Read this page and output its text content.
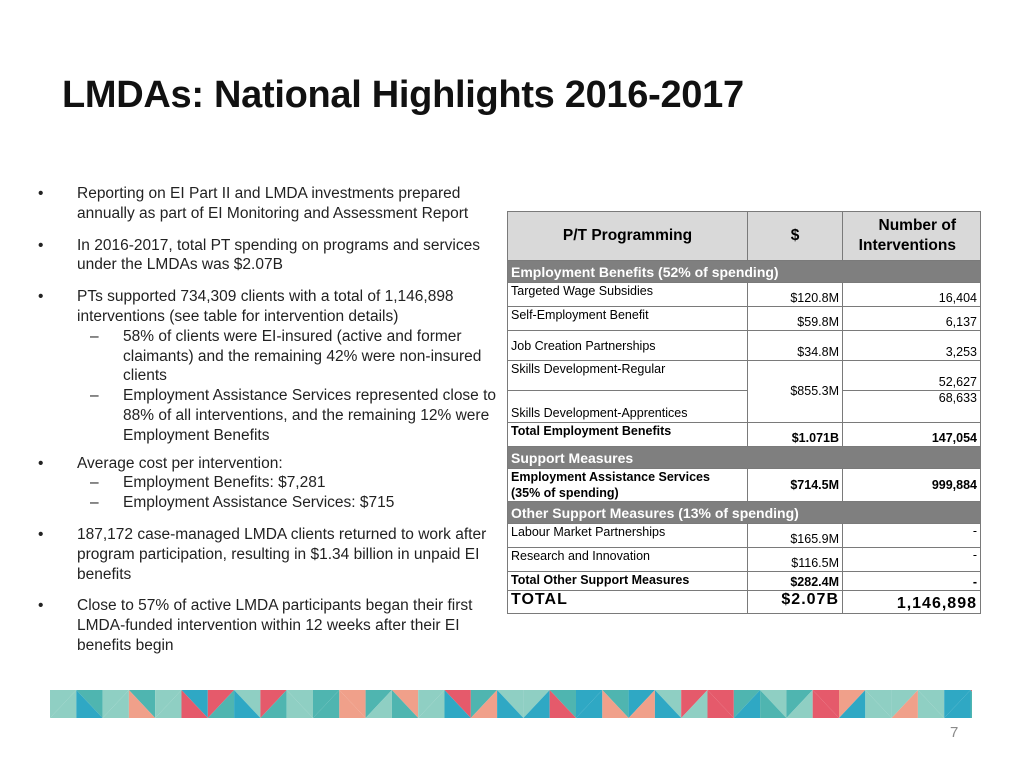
LMDAs: National Highlights 2016-2017
• Reporting on EI Part II and LMDA investments prepared annually as part of EI Monitoring and Assessment Report
• In 2016-2017, total PT spending on programs and services under the LMDAs was $2.07B
• PTs supported 734,309 clients with a total of 1,146,898 interventions (see table for intervention details)
– 58% of clients were EI-insured (active and former claimants) and the remaining 42% were non-insured clients
– Employment Assistance Services represented close to 88% of all interventions, and the remaining 12% were Employment Benefits
• Average cost per intervention:
– Employment Benefits: $7,281
– Employment Assistance Services: $715
• 187,172 case-managed LMDA clients returned to work after program participation, resulting in $1.34 billion in unpaid EI benefits
• Close to 57% of active LMDA participants began their first LMDA-funded intervention within 12 weeks after their EI benefits begin
P/T Programming	$	Number of Interventions
Employment Benefits (52% of spending)		
Targeted Wage Subsidies	$120.8M	16,404
Self-Employment Benefit	$59.8M	6,137
Job Creation Partnerships	$34.8M	3,253
Skills Development-Regular	$855.3M	52,627
Skills Development-Apprentices		68,633
Total Employment Benefits	$1.071B	147,054
Support Measures		

Employment Assistance Services
(35% of spending)	$714.5M	999,884
Other Support Measures (13% of spending)		
Labour Market Partnerships	$165.9M	-
Research and Innovation	$116.5M	-
Total Other Support Measures	$282.4M	-
TOTAL	$2.07B	1,146,898
7
